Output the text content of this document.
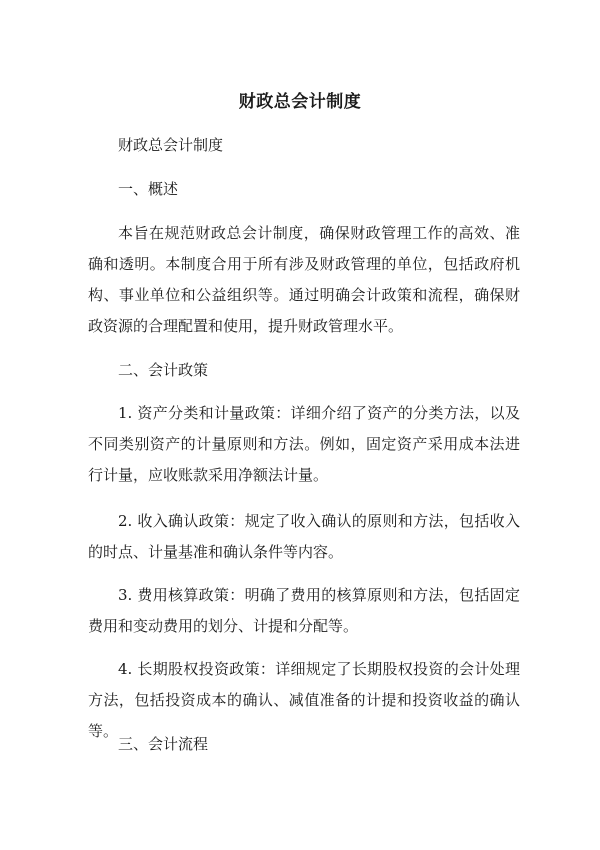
财政总会计制度

财政总会计制度

一、概述

本旨在规范财政总会计制度，确保财政管理工作的高效、准确和透明。本制度合用于所有涉及财政管理的单位，包括政府机构、事业单位和公益组织等。通过明确会计政策和流程，确保财政资源的合理配置和使用，提升财政管理水平。

二、会计政策

1. 资产分类和计量政策：详细介绍了资产的分类方法，以及不同类别资产的计量原则和方法。例如，固定资产采用成本法进行计量，应收账款采用净额法计量。

2. 收入确认政策：规定了收入确认的原则和方法，包括收入的时点、计量基准和确认条件等内容。

3. 费用核算政策：明确了费用的核算原则和方法，包括固定费用和变动费用的划分、计提和分配等。

4. 长期股权投资政策：详细规定了长期股权投资的会计处理方法，包括投资成本的确认、减值准备的计提和投资收益的确认等。

三、会计流程
